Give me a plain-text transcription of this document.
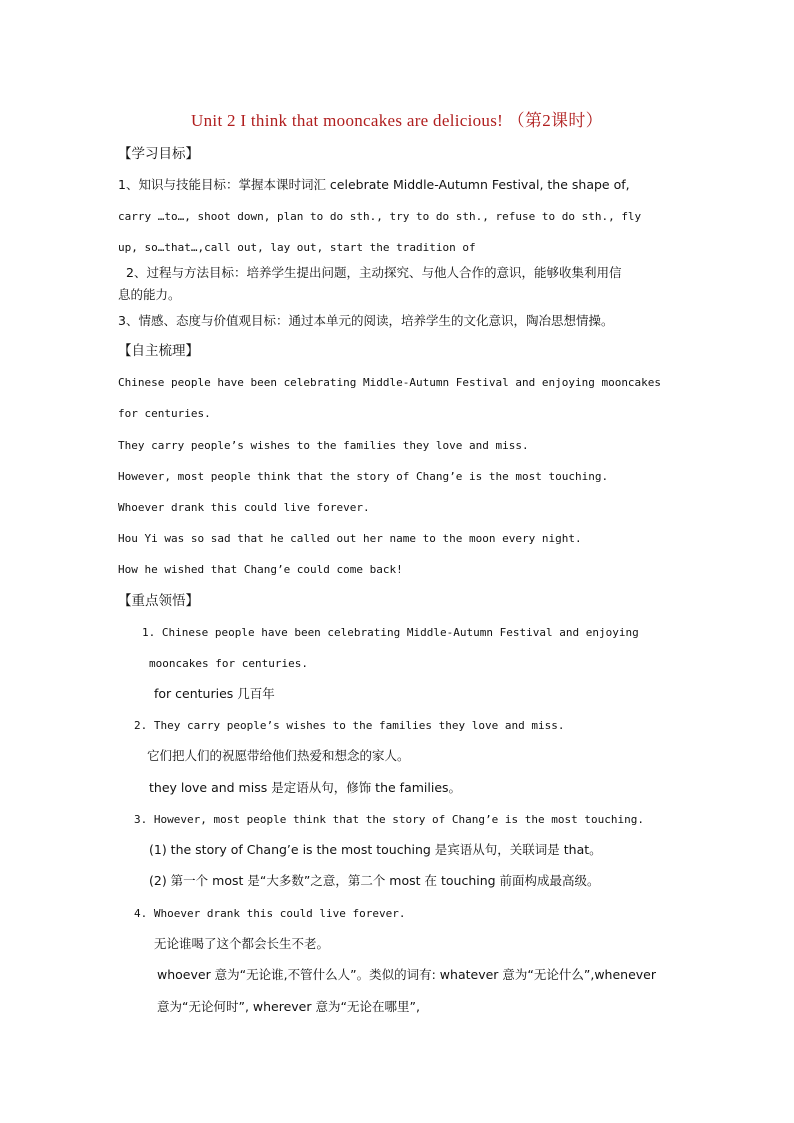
Unit 2 I think that mooncakes are delicious! （第2课时）
【学习目标】
1、知识与技能目标：掌握本课时词汇 celebrate Middle-Autumn Festival, the shape of,
carry …to…, shoot down, plan to do sth., try to do sth., refuse to do sth., fly
up, so…that…,call out, lay out, start the tradition of
2、过程与方法目标：培养学生提出问题，主动探究、与他人合作的意识，能够收集利用信
息的能力。
3、情感、态度与价值观目标：通过本单元的阅读，培养学生的文化意识，陶冶思想情操。
【自主梳理】
Chinese people have been celebrating Middle-Autumn Festival and enjoying mooncakes
for centuries.
They carry people’s wishes to the families they love and miss.
However, most people think that the story of Chang’e is the most touching.
Whoever drank this could live forever.
Hou Yi was so sad that he called out her name to the moon every night.
How he wished that Chang’e could come back!
【重点领悟】
1. Chinese people have been celebrating Middle-Autumn Festival and enjoying
mooncakes for centuries.
for centuries 几百年
2. They carry people’s wishes to the families they love and miss.
它们把人们的祝愿带给他们热爱和想念的家人。
they love and miss 是定语从句，修饰 the families。
3. However, most people think that the story of Chang’e is the most touching.
(1) the story of Chang’e is the most touching 是宾语从句，关联词是 that。
(2) 第一个 most 是“大多数”之意，第二个 most 在 touching 前面构成最高级。
4. Whoever drank this could live forever.
无论谁喝了这个都会长生不老。
whoever 意为“无论谁,不管什么人”。类似的词有: whatever 意为“无论什么”,whenever
意为“无论何时”, wherever 意为“无论在哪里”,
